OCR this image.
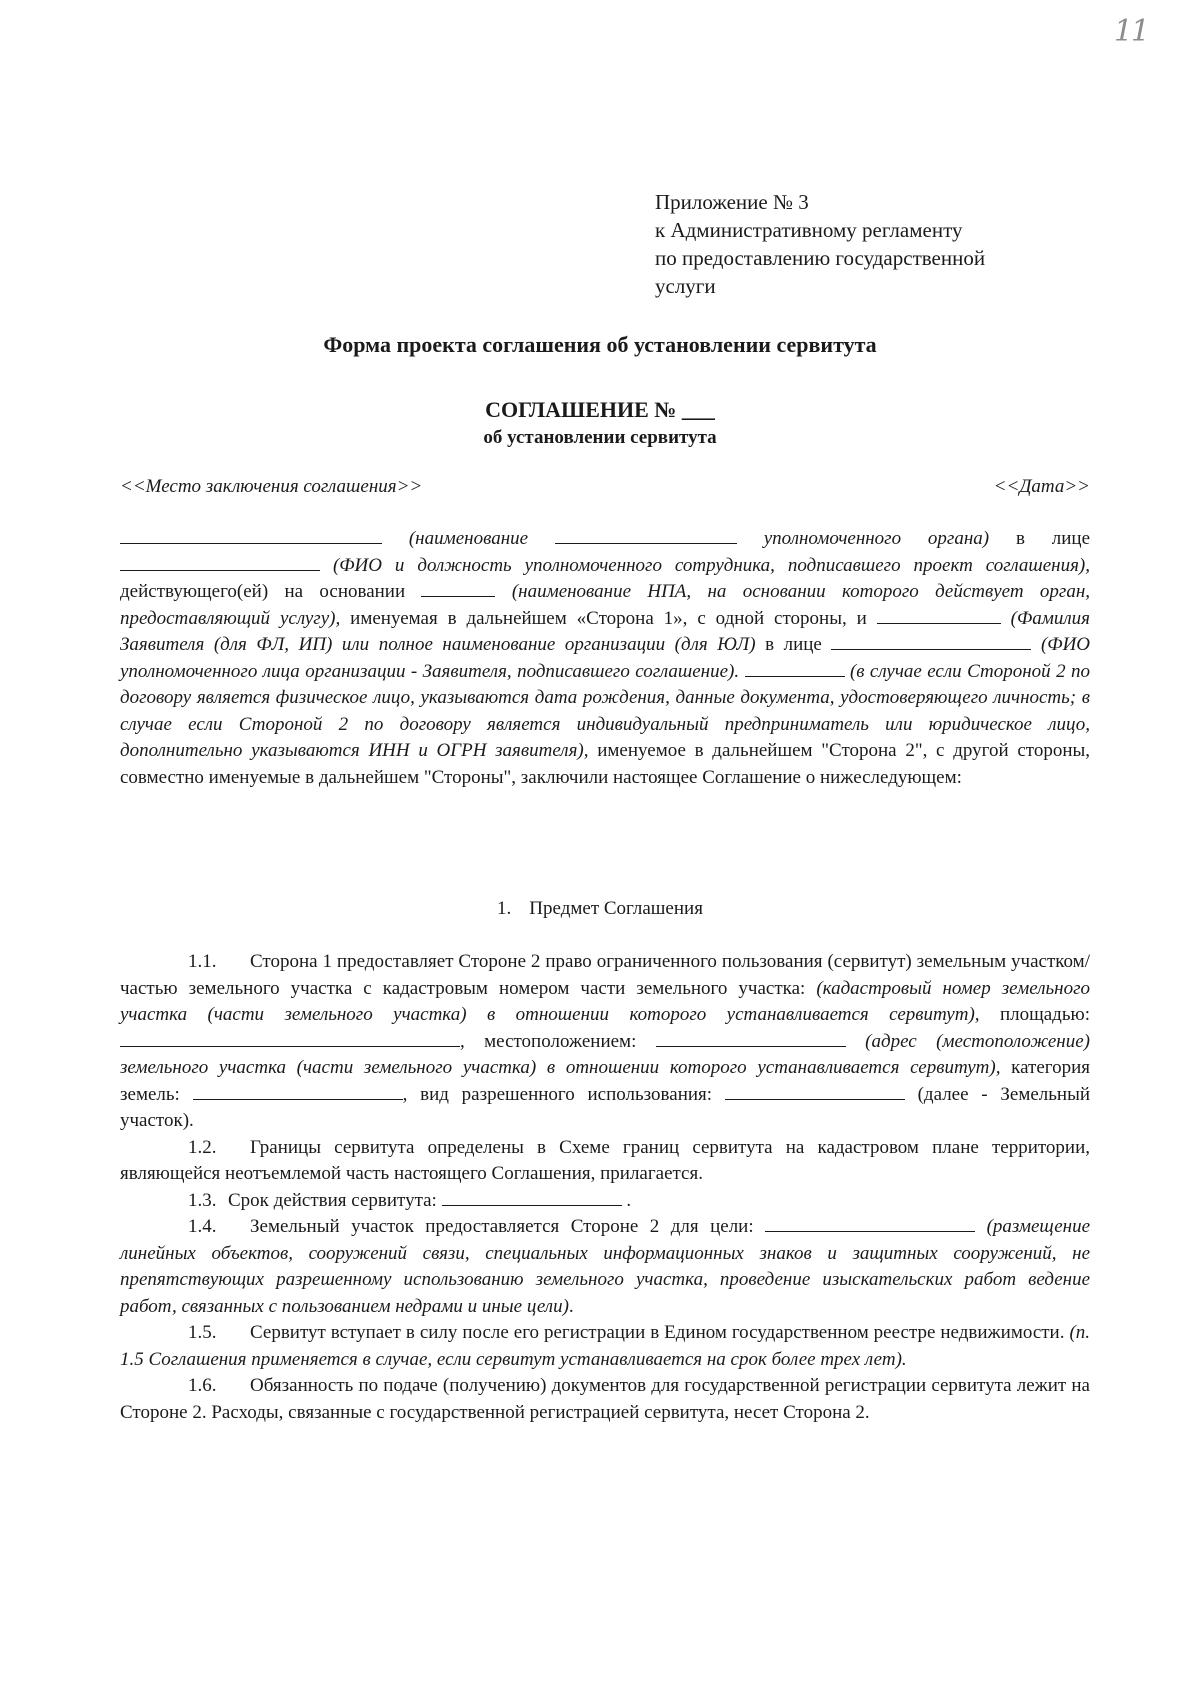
11
Приложение № 3
к Административному регламенту
по предоставлению государственной
услуги
Форма проекта соглашения об установлении сервитута
СОГЛАШЕНИЕ № ___
об установлении сервитута
<<Место заключения соглашения>>	<<Дата>>

(наименование	уполномоченного органа) в лице  (ФИО и должность уполномоченного сотрудника, подписавшего проект соглашения), действующего(ей) на основании	(наименование НПА, на основании которого действует орган, предоставляющий услугу), именуемая в дальнейшем «Сторона 1», с одной стороны, и	(Фамилия Заявителя (для ФЛ, ИП) или полное наименование организации (для ЮЛ) в лице	(ФИО уполномоченного лица организации - Заявителя, подписавшего соглашение).	(в случае если Стороной 2 по договору является физическое лицо, указываются дата рождения, данные документа, удостоверяющего личность; в случае если Стороной 2 по договору является индивидуальный предприниматель или юридическое лицо, дополнительно указываются ИНН и ОГРН заявителя), именуемое в дальнейшем "Сторона 2", с другой стороны, совместно именуемые в дальнейшем "Стороны", заключили настоящее Соглашение о нижеследующем:

1. Предмет Соглашения

1.1. Сторона 1 предоставляет Стороне 2 право ограниченного пользования (сервитут) земельным участком/частью земельного участка с кадастровым номером части земельного участка: (кадастровый номер земельного участка (части земельного участка) в отношении которого устанавливается сервитут), площадью: , местоположением:	(адрес (местоположение) земельного участка (части земельного участка) в отношении которого устанавливается сервитут), категория земель:	, вид разрешенного использования:	(далее - Земельный участок).

1.2. Границы сервитута определены в Схеме границ сервитута на кадастровом плане территории, являющейся неотъемлемой часть настоящего Соглашения, прилагается.

1.3. Срок действия сервитута:	.

1.4. Земельный участок предоставляется Стороне 2 для цели:	(размещение линейных объектов, сооружений связи, специальных информационных знаков и защитных сооружений, не препятствующих разрешенному использованию земельного участка, проведение изыскательских работ ведение работ, связанных с пользованием недрами и иные цели).

1.5. Сервитут вступает в силу после его регистрации в Едином государственном реестре недвижимости. (п. 1.5 Соглашения применяется в случае, если сервитут устанавливается на срок более трех лет).

1.6. Обязанность по подаче (получению) документов для государственной регистрации сервитута лежит на Стороне 2. Расходы, связанные с государственной регистрацией сервитута, несет Сторона 2.
